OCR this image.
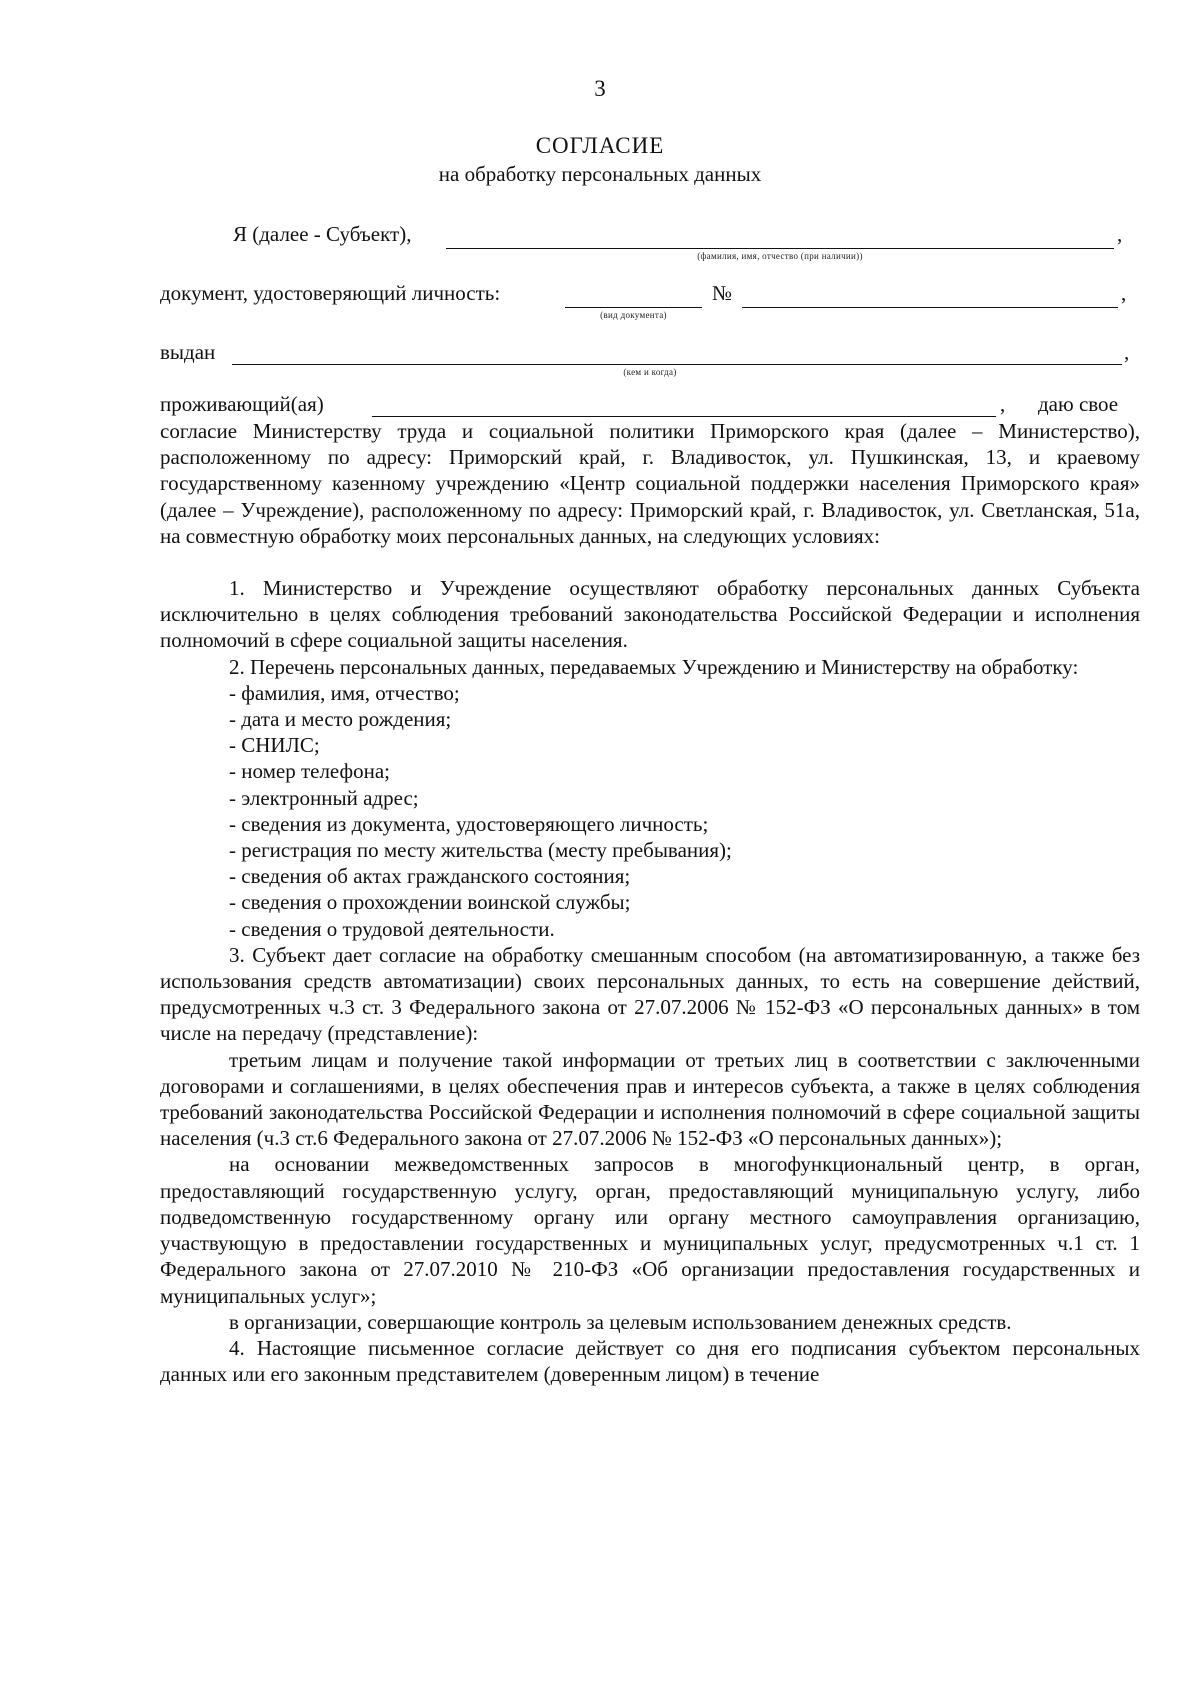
3
СОГЛАСИЕ
на обработку персональных данных
Я (далее - Субъект),	,
(фамилия, имя, отчество (при наличии))
документ, удостоверяющий личность:	№	,
(вид документа)
выдан	,
(кем и когда)
проживающий(ая)	, даю свое

согласие Министерству труда и социальной политики Приморского края (далее – Министерство), расположенному по адресу: Приморский край, г. Владивосток, ул. Пушкинская, 13, и краевому государственному казенному учреждению «Центр социальной поддержки населения Приморского края» (далее – Учреждение), расположенному по адресу: Приморский край, г. Владивосток, ул. Светланская, 51а, на совместную обработку моих персональных данных, на следующих условиях:

1. Министерство и Учреждение осуществляют обработку персональных данных Субъекта исключительно в целях соблюдения требований законодательства Российской Федерации и исполнения полномочий в сфере социальной защиты населения.

2. Перечень персональных данных, передаваемых Учреждению и Министерству на обработку:

- фамилия, имя, отчество;

- дата и место рождения;

- СНИЛС;

- номер телефона;

- электронный адрес;

- сведения из документа, удостоверяющего личность;

- регистрация по месту жительства (месту пребывания);

- сведения об актах гражданского состояния;

- сведения о прохождении воинской службы;

- сведения о трудовой деятельности.

3. Субъект дает согласие на обработку смешанным способом (на автоматизированную, а также без использования средств автоматизации) своих персональных данных, то есть на совершение действий, предусмотренных ч.3 ст. 3 Федерального закона от 27.07.2006 № 152-ФЗ «О персональных данных» в том числе на передачу (представление):

третьим лицам и получение такой информации от третьих лиц в соответствии с заключенными договорами и соглашениями, в целях обеспечения прав и интересов субъекта, а также в целях соблюдения требований законодательства Российской Федерации и исполнения полномочий в сфере социальной защиты населения (ч.3 ст.6 Федерального закона от 27.07.2006 № 152-ФЗ «О персональных данных»);

на основании межведомственных запросов в многофункциональный центр, в орган, предоставляющий государственную услугу, орган, предоставляющий муниципальную услугу, либо подведомственную государственному органу или органу местного самоуправления организацию, участвующую в предоставлении государственных и муниципальных услуг, предусмотренных ч.1 ст. 1 Федерального закона от 27.07.2010 № 210-ФЗ «Об организации предоставления государственных и муниципальных услуг»;

в организации, совершающие контроль за целевым использованием денежных средств.

4. Настоящие письменное согласие действует со дня его подписания субъектом персональных данных или его законным представителем (доверенным лицом) в течение
